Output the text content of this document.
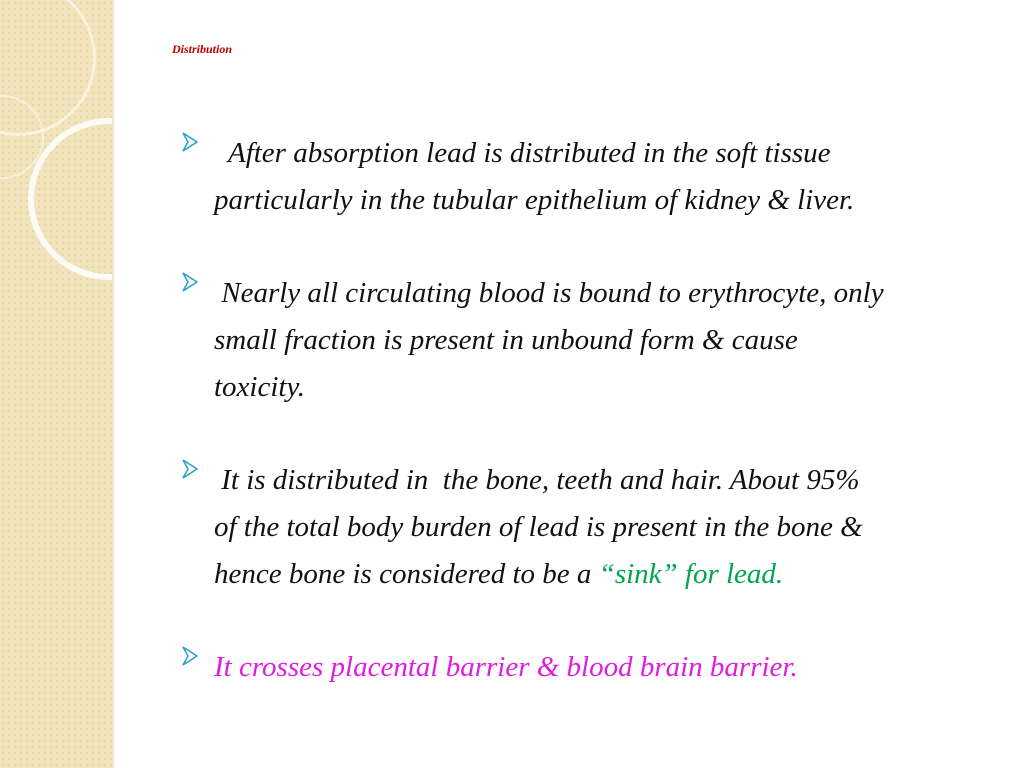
Distribution
After absorption lead is distributed in the soft tissue
particularly in the tubular epithelium of kidney & liver.
Nearly all circulating blood is bound to erythrocyte, only
small fraction is present in unbound form & cause
toxicity.
It is distributed in  the bone, teeth and hair. About 95%
of the total body burden of lead is present in the bone &
hence bone is considered to be a “sink” for lead.
It crosses placental barrier & blood brain barrier.
